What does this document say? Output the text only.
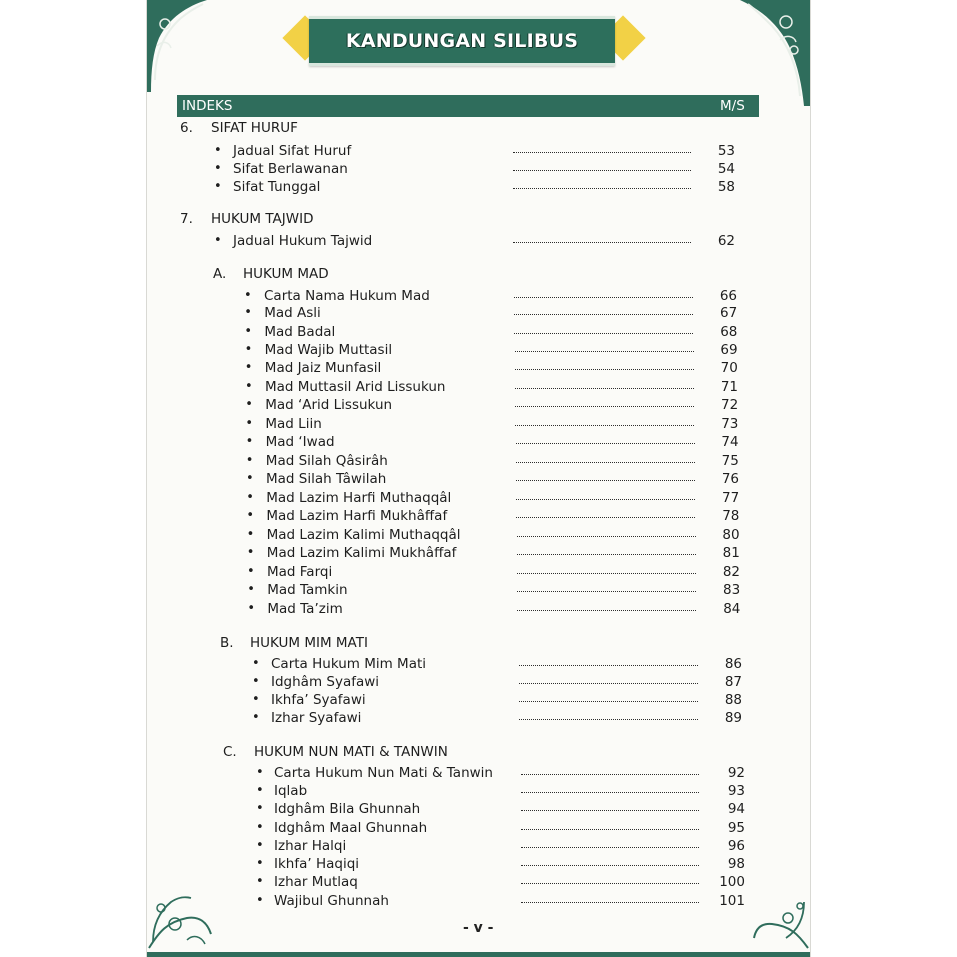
KANDUNGAN SILIBUS
INDEKS	M/S
6. SIFAT HURUF
• Jadual Sifat Huruf	53
• Sifat Berlawanan	54
• Sifat Tunggal	58
7. HUKUM TAJWID
• Jadual Hukum Tajwid	62
A. HUKUM MAD
• Carta Nama Hukum Mad	66
• Mad Asli	67
• Mad Badal	68
• Mad Wajib Muttasil	69
• Mad Jaiz Munfasil	70
• Mad Muttasil Arid Lissukun	71
• Mad ‘Arid Lissukun	72
• Mad Liin	73
• Mad ‘Iwad	74
• Mad Silah Qâsirâh	75
• Mad Silah Tâwilah	76
• Mad Lazim Harfi Muthaqqâl	77
• Mad Lazim Harfi Mukhâffaf	78
• Mad Lazim Kalimi Muthaqqâl	80
• Mad Lazim Kalimi Mukhâffaf	81
• Mad Farqi	82
• Mad Tamkin	83
• Mad Ta’zim	84
B. HUKUM MIM MATI
• Carta Hukum Mim Mati	86
• Idghâm Syafawi	87
• Ikhfa’ Syafawi	88
• Izhar Syafawi	89
C. HUKUM NUN MATI & TANWIN
• Carta Hukum Nun Mati & Tanwin	92
• Iqlab	93
• Idghâm Bila Ghunnah	94
• Idghâm Maal Ghunnah	95
• Izhar Halqi	96
• Ikhfa’ Haqiqi	98
• Izhar Mutlaq	100
• Wajibul Ghunnah	101
- v -
